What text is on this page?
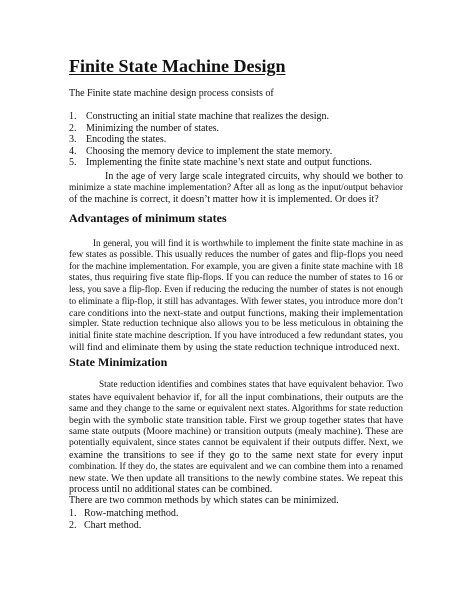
Finite State Machine Design

The Finite state machine design process consists of

1. Constructing an initial state machine that realizes the design.
2. Minimizing the number of states.
3. Encoding the states.
4. Choosing the memory device to implement the state memory.
5. Implementing the finite state machine’s next state and output functions.
In the age of very large scale integrated circuits, why should we bother to
minimize a state machine implementation? After all as long as the input/output behavior
of the machine is correct, it doesn’t matter how it is implemented. Or does it?
Advantages of minimum states
In general, you will find it is worthwhile to implement the finite state machine in as
few states as possible. This usually reduces the number of gates and flip-flops you need
for the machine implementation. For example, you are given a finite state machine with 18
states, thus requiring five state flip-flops. If you can reduce the number of states to 16 or
less, you save a flip-flop. Even if reducing the reducing the number of states is not enough
to eliminate a flip-flop, it still has advantages. With fewer states, you introduce more don’t
care conditions into the next-state and output functions, making their implementation
simpler. State reduction technique also allows you to be less meticulous in obtaining the
initial finite state machine description. If you have introduced a few redundant states, you
will find and eliminate them by using the state reduction technique introduced next.
State Minimization
State reduction identifies and combines states that have equivalent behavior. Two
states have equivalent behavior if, for all the input combinations, their outputs are the
same and they change to the same or equivalent next states. Algorithms for state reduction
begin with the symbolic state transition table. First we group together states that have
same state outputs (Moore machine) or transition outputs (mealy machine). These are
potentially equivalent, since states cannot be equivalent if their outputs differ. Next, we
examine the transitions to see if they go to the same next state for every input
combination. If they do, the states are equivalent and we can combine them into a renamed
new state. We then update all transitions to the newly combine states. We repeat this
process until no additional states can be combined.

There are two common methods by which states can be minimized.

1. Row-matching method.
2. Chart method.
